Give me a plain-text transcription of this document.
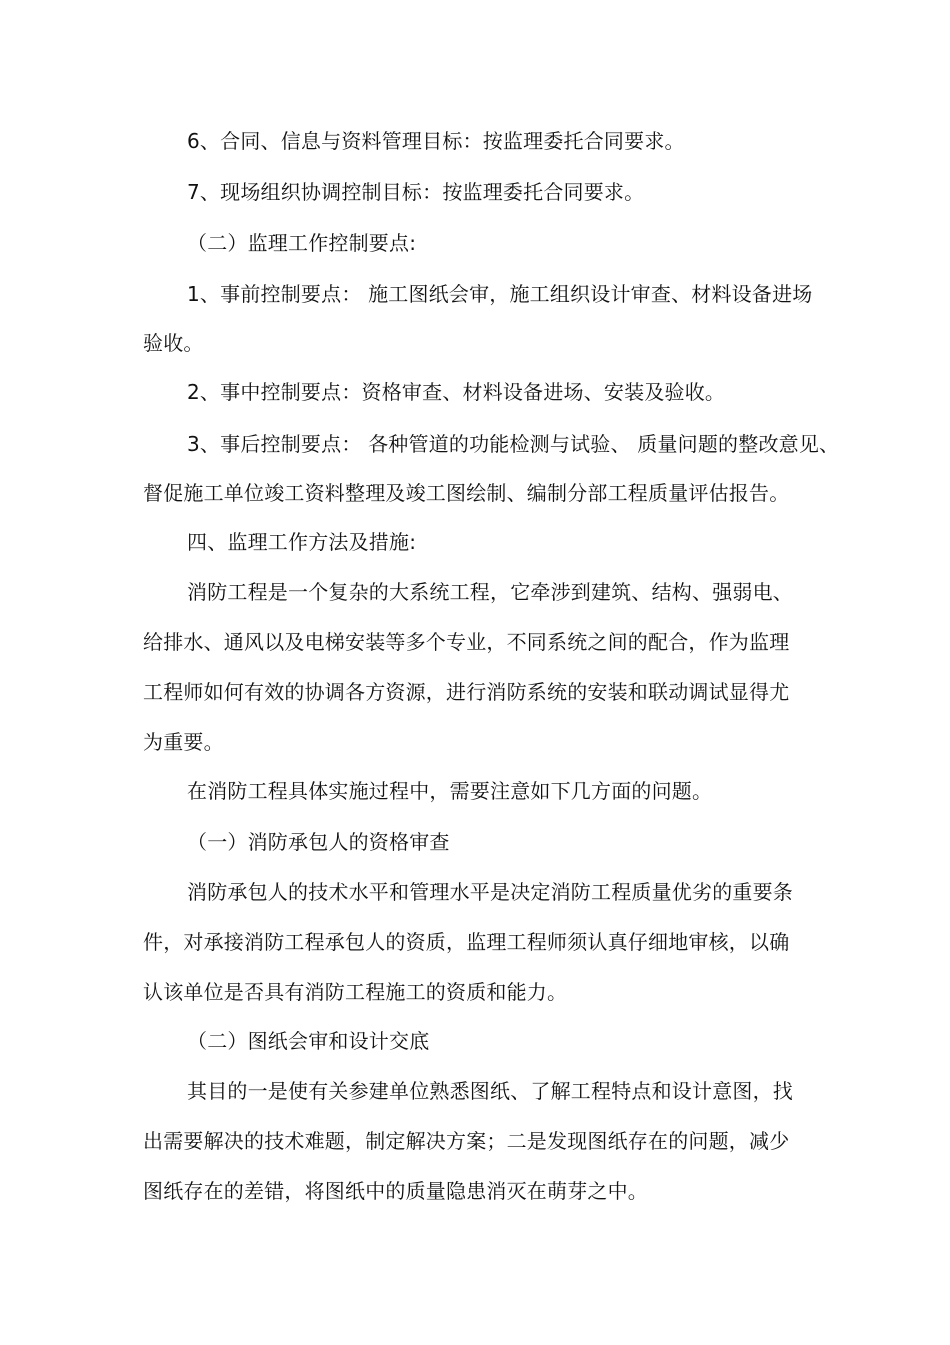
6、合同、信息与资料管理目标：按监理委托合同要求。
7、现场组织协调控制目标：按监理委托合同要求。
（二）监理工作控制要点:
1、事前控制要点： 施工图纸会审，施工组织设计审查、材料设备进场
验收。
2、事中控制要点：资格审查、材料设备进场、安装及验收。
3、事后控制要点： 各种管道的功能检测与试验、 质量问题的整改意见、
督促施工单位竣工资料整理及竣工图绘制、编制分部工程质量评估报告。
四、监理工作方法及措施:
消防工程是一个复杂的大系统工程，它牵涉到建筑、结构、强弱电、
给排水、通风以及电梯安装等多个专业，不同系统之间的配合，作为监理
工程师如何有效的协调各方资源，进行消防系统的安装和联动调试显得尤
为重要。
在消防工程具体实施过程中，需要注意如下几方面的问题。
（一）消防承包人的资格审查
消防承包人的技术水平和管理水平是决定消防工程质量优劣的重要条
件，对承接消防工程承包人的资质，监理工程师须认真仔细地审核，以确
认该单位是否具有消防工程施工的资质和能力。
（二）图纸会审和设计交底
其目的一是使有关参建单位熟悉图纸、了解工程特点和设计意图，找
出需要解决的技术难题，制定解决方案；二是发现图纸存在的问题，减少
图纸存在的差错，将图纸中的质量隐患消灭在萌芽之中。
